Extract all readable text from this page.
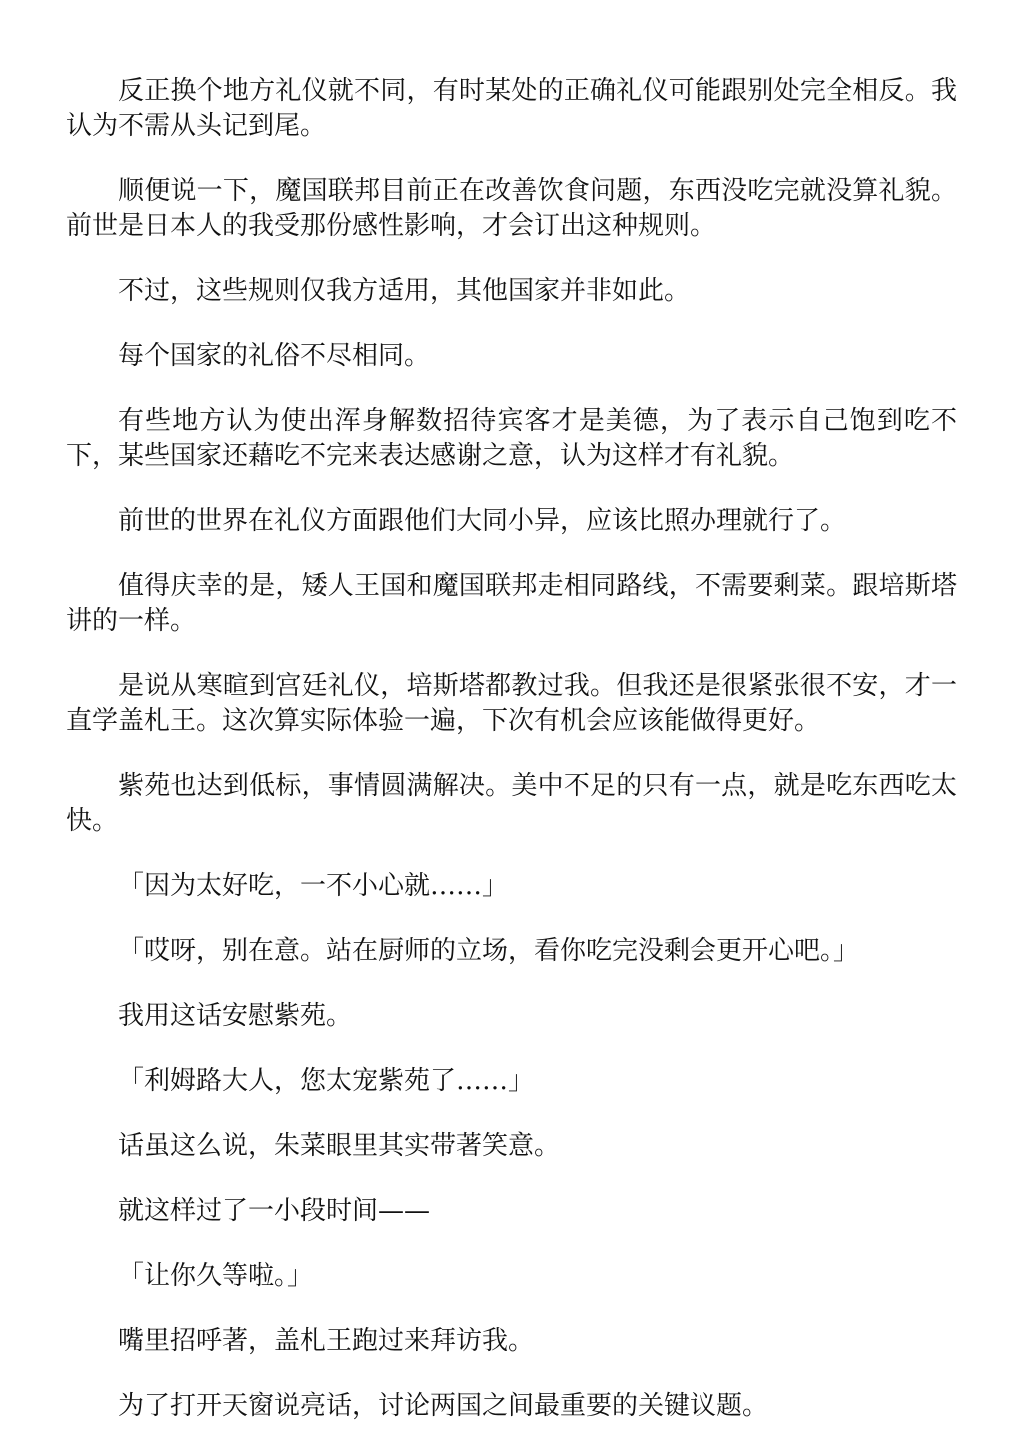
反正换个地方礼仪就不同，有时某处的正确礼仪可能跟别处完全相反。我认为不需从头记到尾。

顺便说一下，魔国联邦目前正在改善饮食问题，东西没吃完就没算礼貌。前世是日本人的我受那份感性影响，才会订出这种规则。

不过，这些规则仅我方适用，其他国家并非如此。

每个国家的礼俗不尽相同。

有些地方认为使出浑身解数招待宾客才是美德，为了表示自己饱到吃不下，某些国家还藉吃不完来表达感谢之意，认为这样才有礼貌。

前世的世界在礼仪方面跟他们大同小异，应该比照办理就行了。

值得庆幸的是，矮人王国和魔国联邦走相同路线，不需要剩菜。跟培斯塔讲的一样。

是说从寒暄到宫廷礼仪，培斯塔都教过我。但我还是很紧张很不安，才一直学盖札王。这次算实际体验一遍，下次有机会应该能做得更好。

紫苑也达到低标，事情圆满解决。美中不足的只有一点，就是吃东西吃太快。

「因为太好吃，一不小心就……」

「哎呀，别在意。站在厨师的立场，看你吃完没剩会更开心吧。」

我用这话安慰紫苑。

「利姆路大人，您太宠紫苑了……」

话虽这么说，朱菜眼里其实带著笑意。

就这样过了一小段时间——

「让你久等啦。」

嘴里招呼著，盖札王跑过来拜访我。

为了打开天窗说亮话，讨论两国之间最重要的关键议题。
